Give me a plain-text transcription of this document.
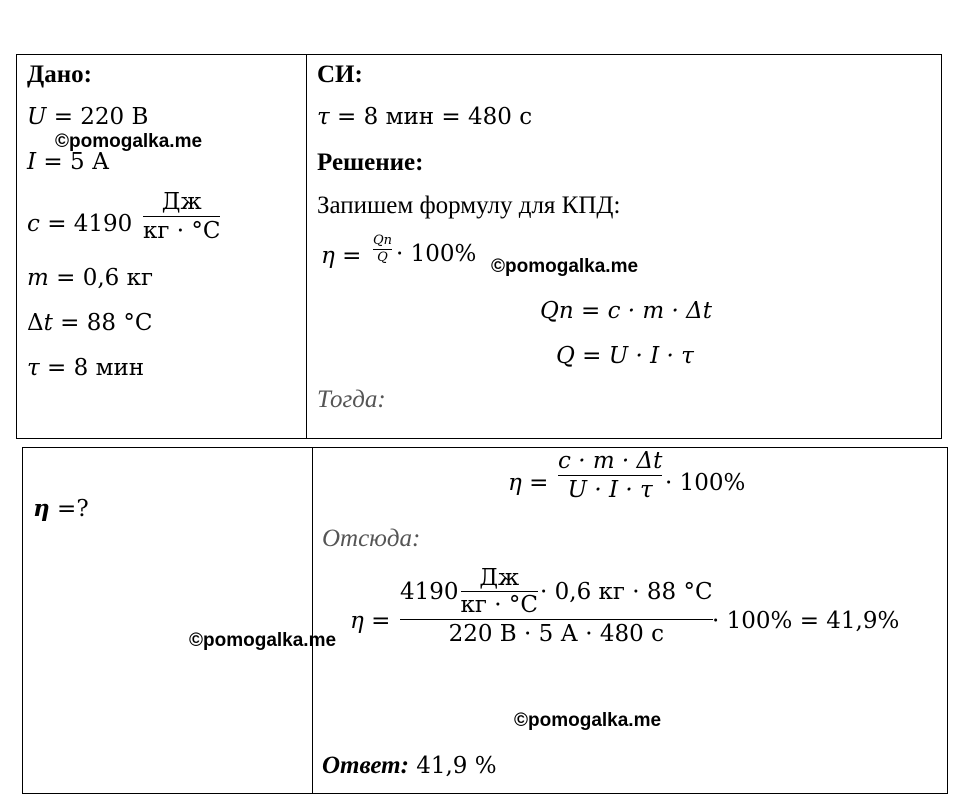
Дано:
U = 220 В
I = 5 А
c = 4190
Дж
кг · °C
m = 0,6 кг
Δt = 88 °C
τ = 8 мин
η =?
СИ:
τ = 8 мин = 480 с
Решение:
Запишем формулу для КПД:
η =
Qп
Q · 100%
Qп = c · m · Δt
Q = U · I · τ
Тогда:
η =
c · m · Δt
U · I · τ · 100%
Отсюда:
η =
4190
Дж
кг · °C
· 0,6 кг · 88 °C
220 В · 5 А · 480 с
· 100% = 41,9%
Ответ: 41,9 %
©pomogalka.me
©pomogalka.me
©pomogalka.me
©pomogalka.me
